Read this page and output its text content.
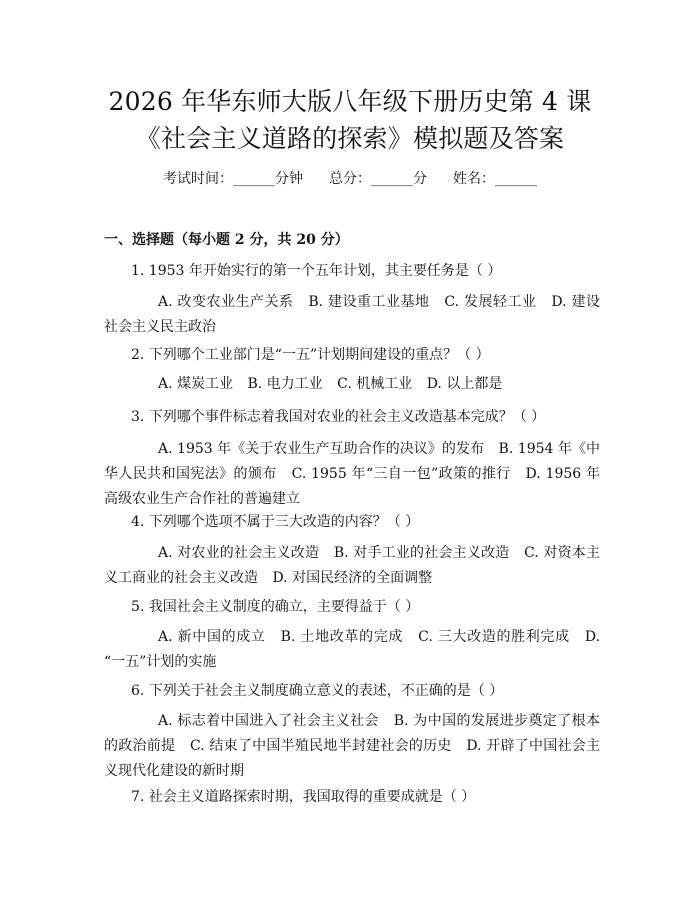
2026 年华东师大版八年级下册历史第 4 课
《社会主义道路的探索》模拟题及答案
考试时间：______分钟 总分：______分 姓名：______
一、选择题（每小题 2 分，共 20 分）
1. 1953 年开始实行的第一个五年计划，其主要任务是（ ）
A. 改变农业生产关系 B. 建设重工业基地 C. 发展轻工业 D. 建设社会主义民主政治
2. 下列哪个工业部门是“一五”计划期间建设的重点？（ ）
A. 煤炭工业 B. 电力工业 C. 机械工业 D. 以上都是
3. 下列哪个事件标志着我国对农业的社会主义改造基本完成？（ ）
A. 1953 年《关于农业生产互助合作的决议》的发布 B. 1954 年《中华人民共和国宪法》的颁布 C. 1955 年“三自一包”政策的推行 D. 1956 年高级农业生产合作社的普遍建立
4. 下列哪个选项不属于三大改造的内容？（ ）
A. 对农业的社会主义改造 B. 对手工业的社会主义改造 C. 对资本主义工商业的社会主义改造 D. 对国民经济的全面调整
5. 我国社会主义制度的确立，主要得益于（ ）
A. 新中国的成立 B. 土地改革的完成 C. 三大改造的胜利完成 D. “一五”计划的实施
6. 下列关于社会主义制度确立意义的表述，不正确的是（ ）
A. 标志着中国进入了社会主义社会 B. 为中国的发展进步奠定了根本的政治前提 C. 结束了中国半殖民地半封建社会的历史 D. 开辟了中国社会主义现代化建设的新时期
7. 社会主义道路探索时期，我国取得的重要成就是（ ）
